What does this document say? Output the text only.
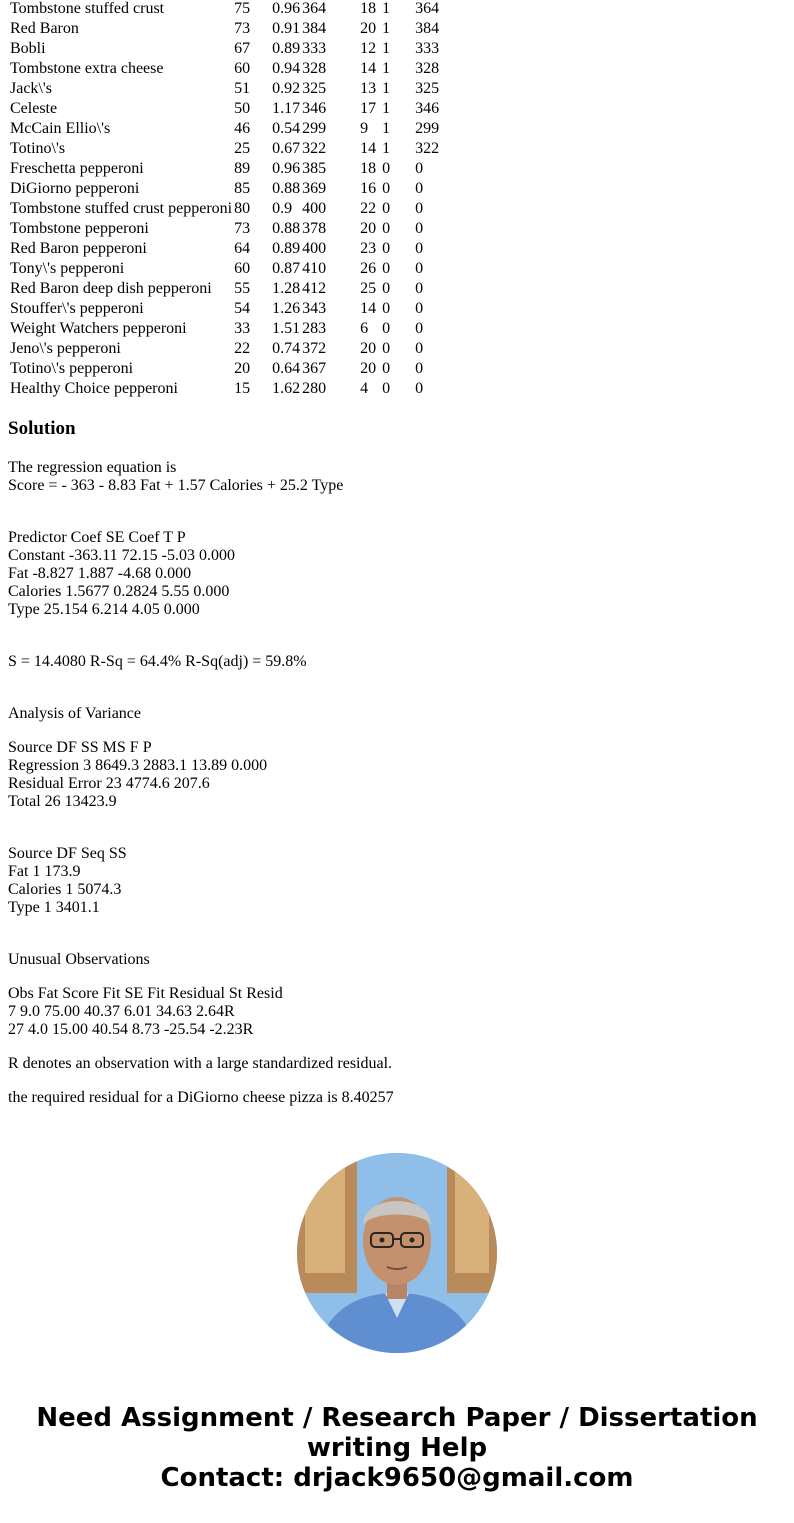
Tombstone stuffed crust	75	0.96	364	18	1	364
Red Baron	73	0.91	384	20	1	384
Bobli	67	0.89	333	12	1	333
Tombstone extra cheese	60	0.94	328	14	1	328
Jack\'s	51	0.92	325	13	1	325
Celeste	50	1.17	346	17	1	346
McCain Ellio\'s	46	0.54	299	9	1	299
Totino\'s	25	0.67	322	14	1	322
Freschetta pepperoni	89	0.96	385	18	0	0
DiGiorno pepperoni	85	0.88	369	16	0	0
Tombstone stuffed crust pepperoni	80	0.9	400	22	0	0
Tombstone pepperoni	73	0.88	378	20	0	0
Red Baron pepperoni	64	0.89	400	23	0	0
Tony\'s pepperoni	60	0.87	410	26	0	0
Red Baron deep dish pepperoni	55	1.28	412	25	0	0
Stouffer\'s pepperoni	54	1.26	343	14	0	0
Weight Watchers pepperoni	33	1.51	283	6	0	0
Jeno\'s pepperoni	22	0.74	372	20	0	0
Totino\'s pepperoni	20	0.64	367	20	0	0
Healthy Choice pepperoni	15	1.62	280	4	0	0
Solution
The regression equation is
Score = - 363 - 8.83 Fat + 1.57 Calories + 25.2 Type
Predictor Coef SE Coef T P
Constant -363.11 72.15 -5.03 0.000
Fat -8.827 1.887 -4.68 0.000
Calories 1.5677 0.2824 5.55 0.000
Type 25.154 6.214 4.05 0.000
S = 14.4080 R-Sq = 64.4% R-Sq(adj) = 59.8%
Analysis of Variance
Source DF SS MS F P
Regression 3 8649.3 2883.1 13.89 0.000
Residual Error 23 4774.6 207.6
Total 26 13423.9
Source DF Seq SS
Fat 1 173.9
Calories 1 5074.3
Type 1 3401.1
Unusual Observations
Obs Fat Score Fit SE Fit Residual St Resid
7 9.0 75.00 40.37 6.01 34.63 2.64R
27 4.0 15.00 40.54 8.73 -25.54 -2.23R
R denotes an observation with a large standardized residual.
the required residual for a DiGiorno cheese pizza is 8.40257
Need Assignment / Research Paper / Dissertation
writing Help
Contact: drjack9650@gmail.com
